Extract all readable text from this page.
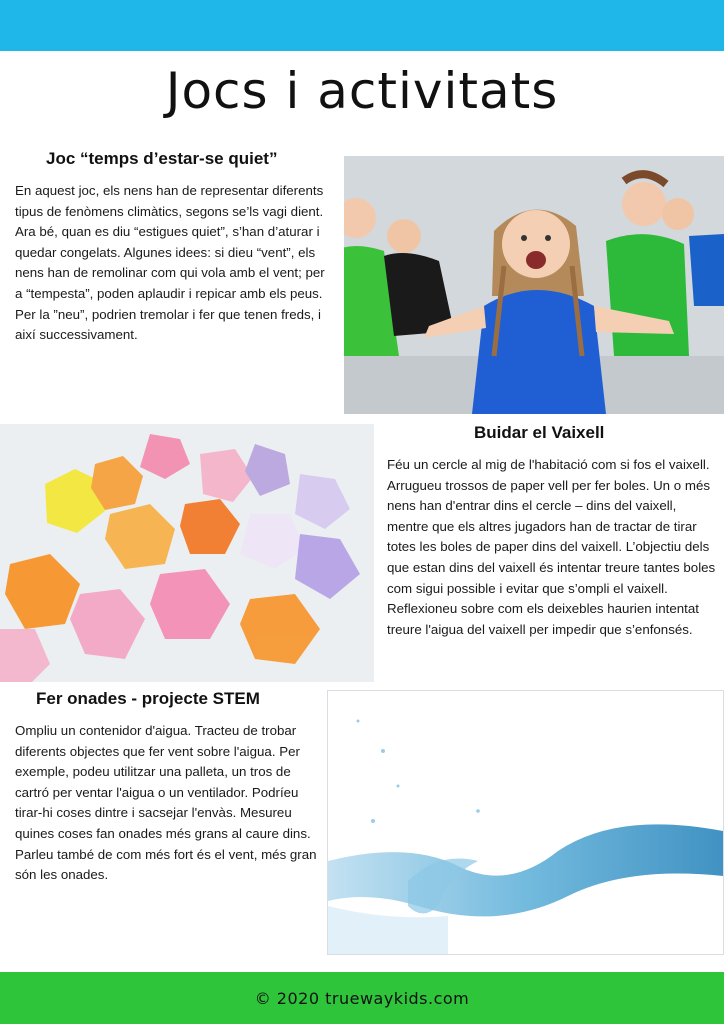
Jocs i activitats
Joc “temps d’estar-se quiet”

En aquest joc, els nens han de representar diferents tipus de fenòmens climàtics, segons se’ls vagi dient. Ara bé, quan es diu “estigues quiet”, s’han d’aturar i quedar congelats. Algunes idees: si dieu “vent”, els nens han de remolinar com qui vola amb el vent; per a “tempesta”, poden aplaudir i repicar amb els peus. Per la ”neu”, podrien tremolar i fer que tenen freds, i així successivament.

Buidar el Vaixell

Féu un cercle al mig de l'habitació com si fos el vaixell. Arrugueu trossos de paper vell per fer boles. Un o més nens han d'entrar dins el cercle – dins del vaixell, mentre que els altres jugadors han de tractar de tirar totes les boles de paper dins del vaixell. L’objectiu dels que estan dins del vaixell és intentar treure tantes boles com sigui possible i evitar que s’ompli el vaixell. Reflexioneu sobre com els deixebles haurien intentat treure l'aigua del vaixell per impedir que s’enfonsés.

Fer onades - projecte STEM

Ompliu un contenidor d'aigua. Tracteu de trobar diferents objectes que fer vent sobre l'aigua. Per exemple, podeu utilitzar una palleta, un tros de cartró per ventar l'aigua o un ventilador. Podríeu tirar-hi coses dintre i sacsejar l'envàs. Mesureu quines coses fan onades més grans al caure dins. Parleu també de com més fort és el vent, més gran són les onades.

© 2020 truewaykids.com
